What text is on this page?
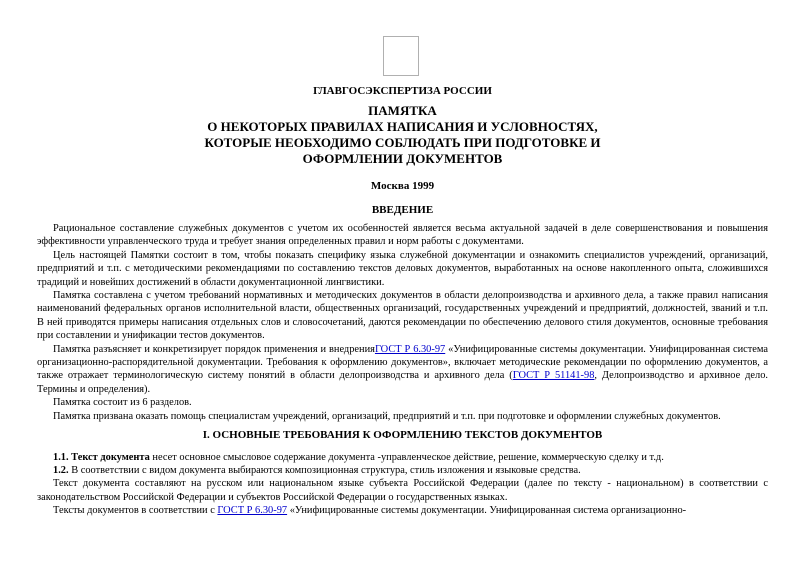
ГЛАВГОСЭКСПЕРТИЗА РОССИИ
ПАМЯТКА
О НЕКОТОРЫХ ПРАВИЛАХ НАПИСАНИЯ И УСЛОВНОСТЯХ,
КОТОРЫЕ НЕОБХОДИМО СОБЛЮДАТЬ ПРИ ПОДГОТОВКЕ И
ОФОРМЛЕНИИ ДОКУМЕНТОВ
Москва 1999
ВВЕДЕНИЕ

Рациональное составление служебных документов с учетом их особенностей является весьма актуальной задачей в деле совершенствования и повышения эффективности управленческого труда и требует знания определенных правил и норм работы с документами.

Цель настоящей Памятки состоит в том, чтобы показать специфику языка служебной документации и ознакомить специалистов учреждений, организаций, предприятий и т.п. с методическими рекомендациями по составлению текстов деловых документов, выработанных на основе накопленного опыта, сложившихся традиций и новейших достижений в области документационной лингвистики.

Памятка составлена с учетом требований нормативных и методических документов в области делопроизводства и архивного дела, а также правил написания наименований федеральных органов исполнительной власти, общественных организаций, государственных учреждений и предприятий, должностей, званий и т.п. В ней приводятся примеры написания отдельных слов и словосочетаний, даются рекомендации по обеспечению делового стиля документов, основные требования при составлении и унификации тестов документов.

Памятка разъясняет и конкретизирует порядок применения и внедренияГОСТ Р 6.30-97 «Унифицированные системы документации. Унифицированная система организационно-распорядительной документации. Требования к оформлению документов», включает методические рекомендации по оформлению документов, а также отражает терминологическую систему понятий в области делопроизводства и архивного дела (ГОСТ Р 51141-98, Делопроизводство и архивное дело. Термины и определения).

Памятка состоит из 6 разделов.

Памятка призвана оказать помощь специалистам учреждений, организаций, предприятий и т.п. при подготовке и оформлении служебных документов.

I. ОСНОВНЫЕ ТРЕБОВАНИЯ К ОФОРМЛЕНИЮ ТЕКСТОВ ДОКУМЕНТОВ

1.1. Текст документа несет основное смысловое содержание документа -управленческое действие, решение, коммерческую сделку и т.д.

1.2. В соответствии с видом документа выбираются композиционная структура, стиль изложения и языковые средства.

Текст документа составляют на русском или национальном языке субъекта Российской Федерации (далее по тексту - национальном) в соответствии с законодательством Российской Федерации и субъектов Российской Федерации о государственных языках.

Тексты документов в соответствии с ГОСТ Р 6.30-97 «Унифицированные системы документации. Унифицированная система организационно-
